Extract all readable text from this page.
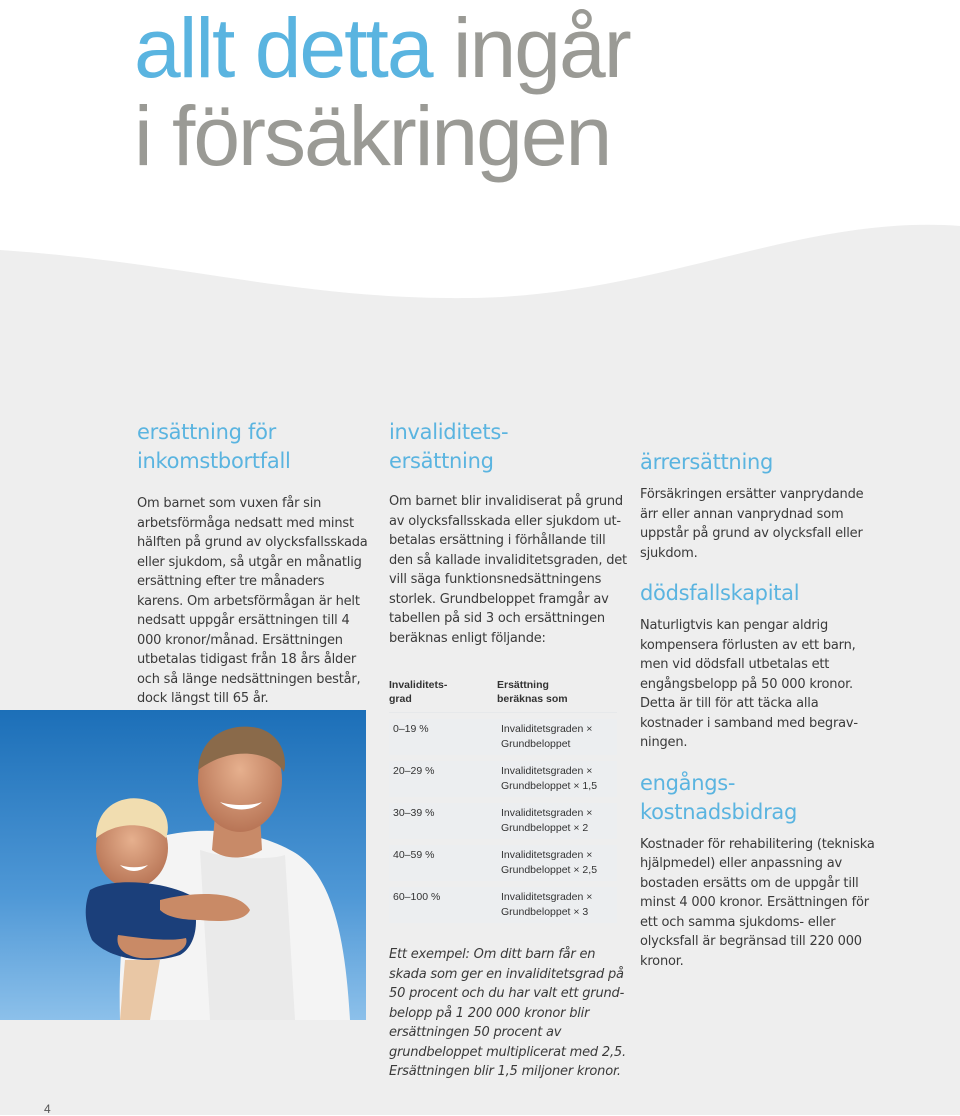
allt detta ingår
i försäkringen
ersättning för
inkomstbortfall

Om barnet som vuxen får sin arbetsförmåga nedsatt med minst hälften på grund av olycksfallsskada eller sjukdom, så utgår en månatlig ersättning efter tre månaders karens. Om arbetsförmågan är helt nedsatt uppgår ersättningen till 4 000 kronor/månad. Ersättningen utbetalas tidigast från 18 års ålder och så länge nedsättningen består, dock längst till 65 år.

invaliditets-
ersättning

Om barnet blir invalidiserat på grund av olycksfallsskada eller sjukdom utbetalas ersättning i förhållande till den så kallade invaliditetsgraden, det vill säga funktionsnedsättningens storlek. Grundbeloppet framgår av tabellen på sid 3 och ersättningen beräknas enligt följande:

Invaliditets-
grad	Ersättning
beräknas som
0–19 %	Invaliditetsgraden ×
Grundbeloppet
20–29 %	Invaliditetsgraden ×
Grundbeloppet × 1,5
30–39 %	Invaliditetsgraden ×
Grundbeloppet × 2
40–59 %	Invaliditetsgraden ×
Grundbeloppet × 2,5
60–100 %	Invaliditetsgraden ×
Grundbeloppet × 3

Ett exempel: Om ditt barn får en skada som ger en invaliditetsgrad på 50 procent och du har valt ett grundbelopp på 1 200 000 kronor blir ersättningen 50 procent av grundbeloppet multiplicerat med 2,5. Ersättningen blir 1,5 miljoner kronor.

ärrersättning

Försäkringen ersätter vanprydande ärr eller annan vanprydnad som uppstår på grund av olycksfall eller sjukdom.

dödsfallskapital

Naturligtvis kan pengar aldrig kompensera förlusten av ett barn, men vid dödsfall utbetalas ett engångsbelopp på 50 000 kronor. Detta är till för att täcka alla kostnader i samband med begravningen.

engångs-
kostnadsbidrag

Kostnader för rehabilitering (tekniska hjälpmedel) eller anpassning av bostaden ersätts om de uppgår till minst 4 000 kronor. Ersättningen för ett och samma sjukdoms- eller olycksfall är begränsad till 220 000 kronor.

4
